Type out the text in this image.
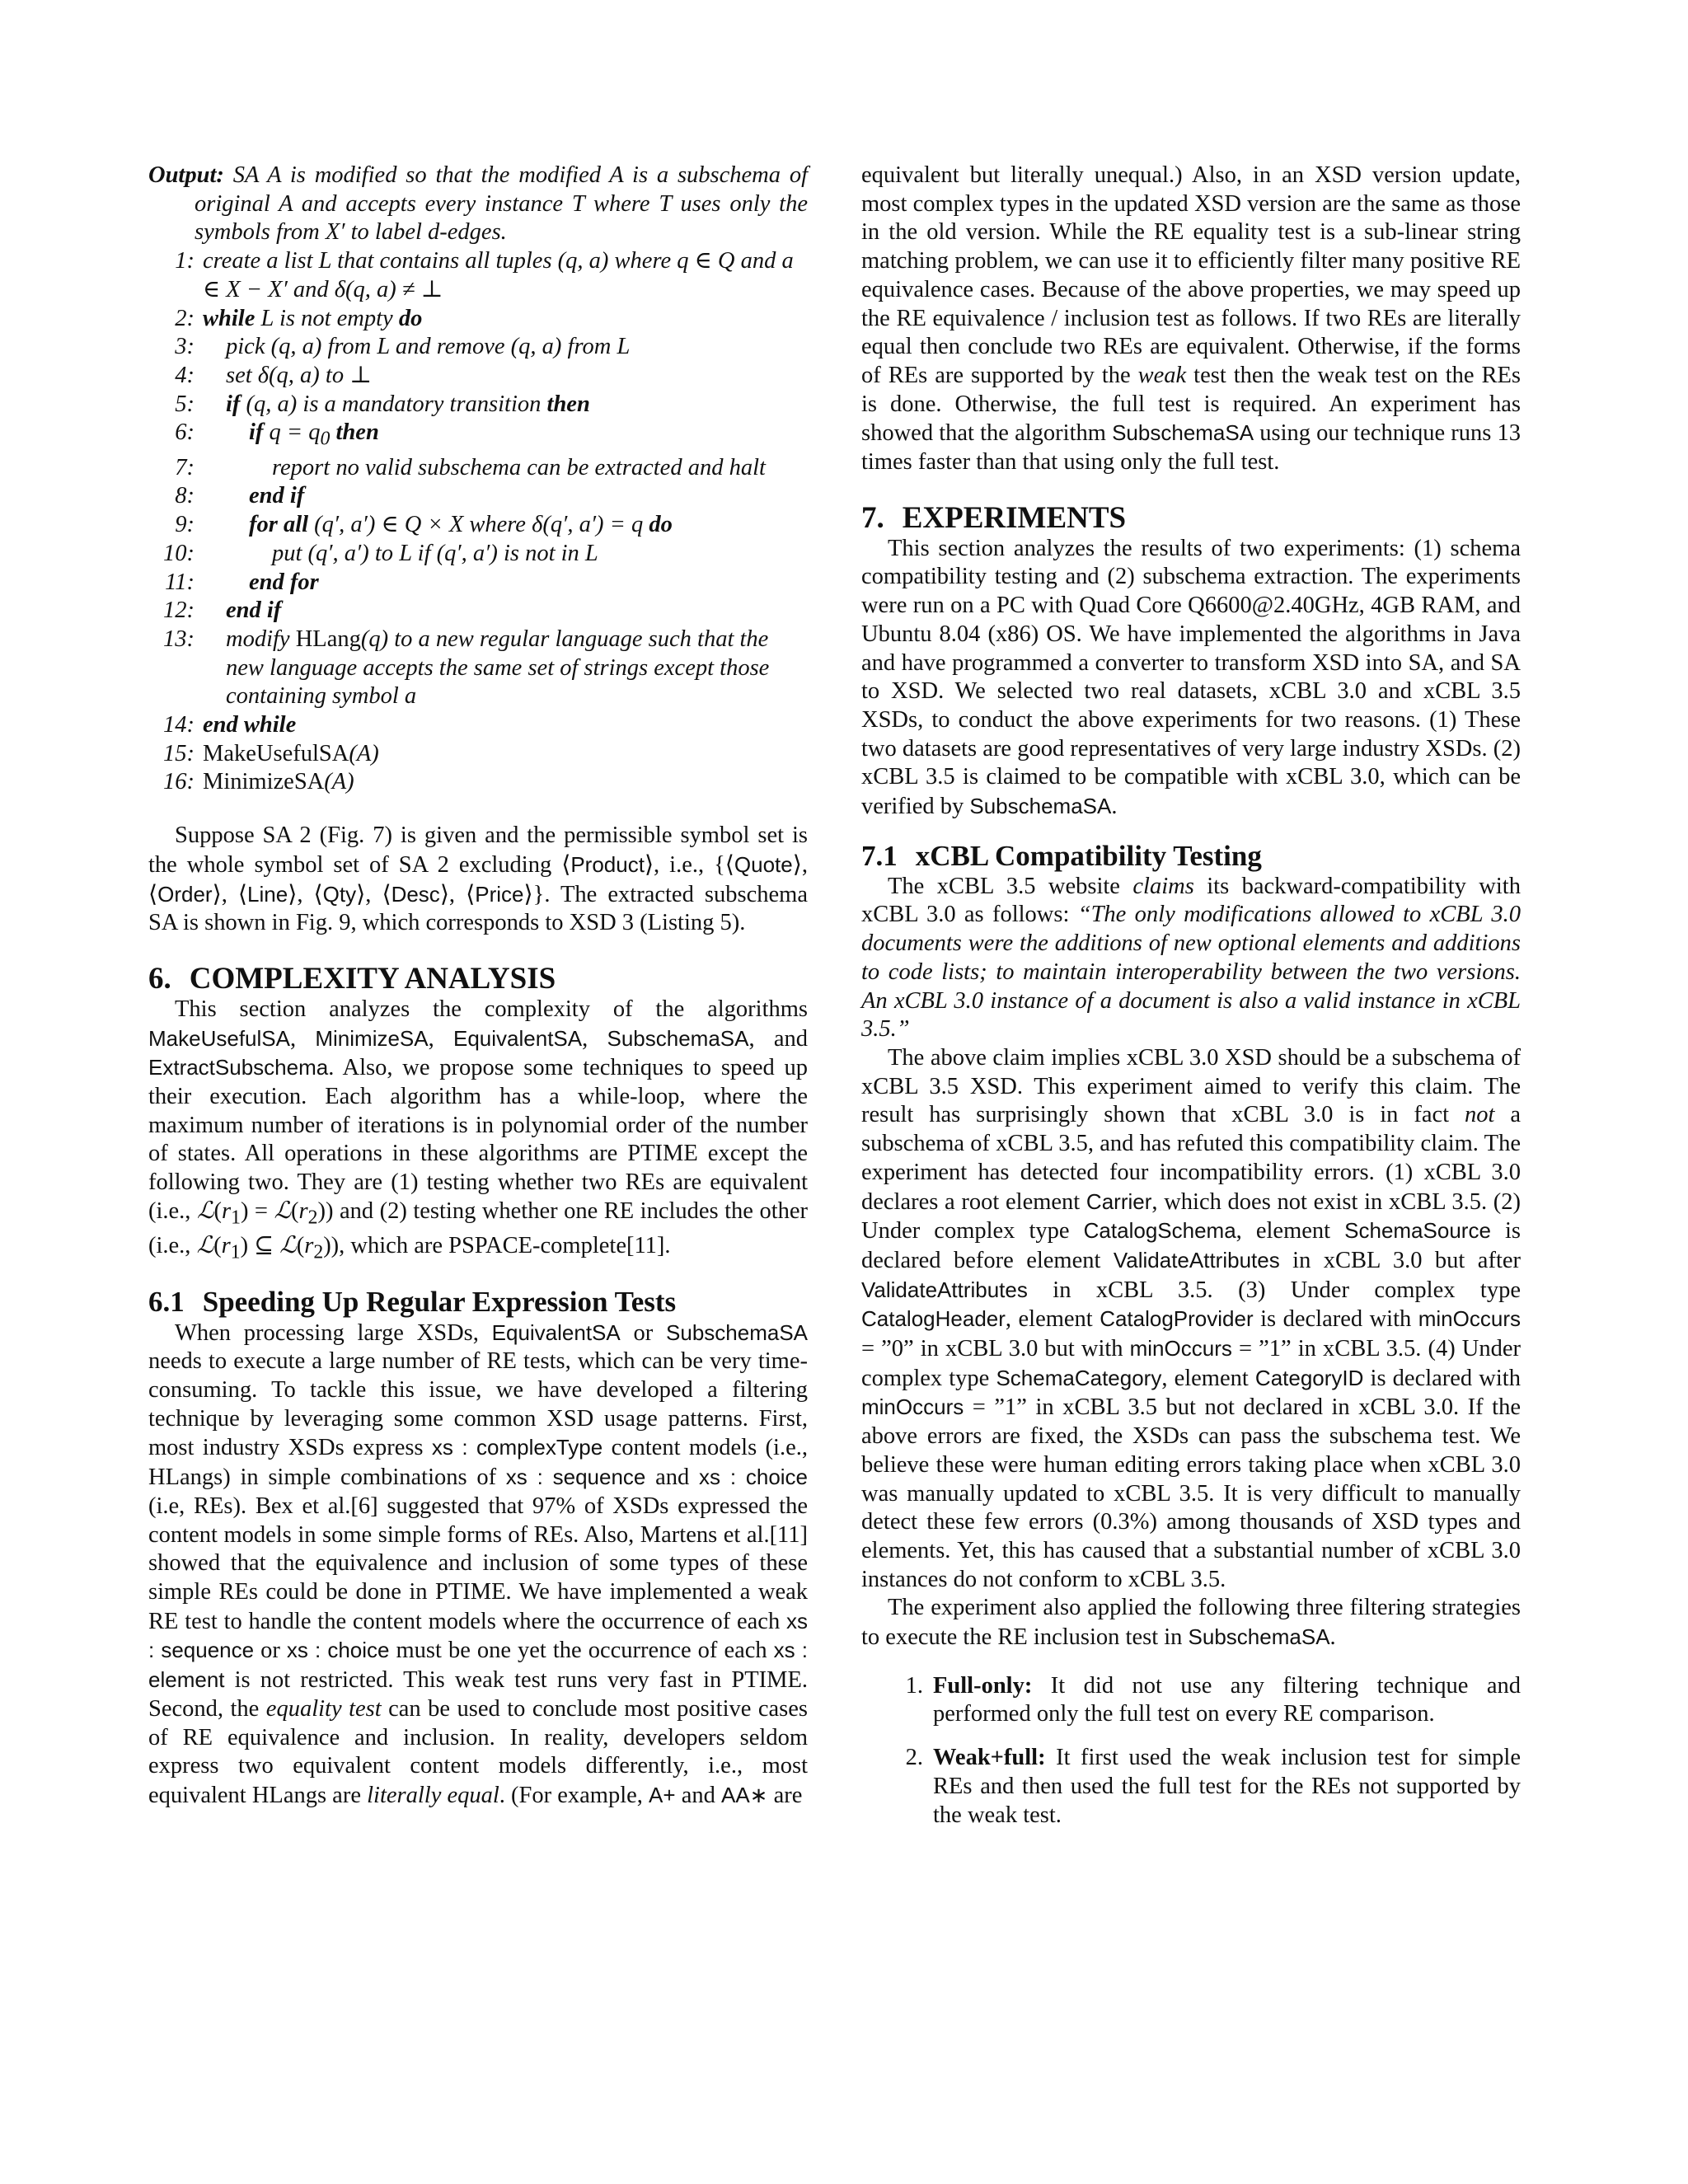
Output: SA A is modified so that the modified A is a subschema of original A and accepts every instance T where T uses only the symbols from X′ to label d-edges.

1: create a list L that contains all tuples (q, a) where q ∈ Q and a ∈ X − X′ and δ(q, a) ≠ ⊥
2: while L is not empty do
3:	pick (q, a) from L and remove (q, a) from L
4:	set δ(q, a) to ⊥
5:	if (q, a) is a mandatory transition then
6:	if $q = q_0$ then
7:	report no valid subschema can be extracted and halt
8:	end if
9:	for all (q′, a′) ∈ Q × X where δ(q′, a′) = q do
10:	put (q′, a′) to L if (q′, a′) is not in L
11:	end for
12:	end if
13:	modify HLang(q) to a new regular language such that the new language accepts the same set of strings except those containing symbol a
14: end while
15: MakeUsefulSA(A)
16: MinimizeSA(A)

Suppose SA 2 (Fig. 7) is given and the permissible symbol set is the whole symbol set of SA 2 excluding ⟨Product⟩, i.e., {⟨Quote⟩, ⟨Order⟩, ⟨Line⟩, ⟨Qty⟩, ⟨Desc⟩, ⟨Price⟩}. The extracted subschema SA is shown in Fig. 9, which corresponds to XSD 3 (Listing 5).

6. COMPLEXITY ANALYSIS

This section analyzes the complexity of the algorithms MakeUsefulSA, MinimizeSA, EquivalentSA, SubschemaSA, and ExtractSubschema. Also, we propose some techniques to speed up their execution. Each algorithm has a while-loop, where the maximum number of iterations is in polynomial order of the number of states. All operations in these algorithms are PTIME except the following two. They are (1) testing whether two REs are equivalent (i.e., $ℒ(r_1)$ = $ℒ(r_2)$) and (2) testing whether one RE includes the other (i.e., $ℒ(r_1)$ ⊆ $ℒ(r_2)$), which are PSPACE-complete[11].

6.1 Speeding Up Regular Expression Tests

When processing large XSDs, EquivalentSA or SubschemaSA needs to execute a large number of RE tests, which can be very time-consuming. To tackle this issue, we have developed a filtering technique by leveraging some common XSD usage patterns. First, most industry XSDs express xs : complexType content models (i.e., HLangs) in simple combinations of xs : sequence and xs : choice (i.e, REs). Bex et al.[6] suggested that 97% of XSDs expressed the content models in some simple forms of REs. Also, Martens et al.[11] showed that the equivalence and inclusion of some types of these simple REs could be done in PTIME. We have implemented a weak RE test to handle the content models where the occurrence of each xs : sequence or xs : choice must be one yet the occurrence of each xs : element is not restricted. This weak test runs very fast in PTIME. Second, the equality test can be used to conclude most positive cases of RE equivalence and inclusion. In reality, developers seldom express two equivalent content models differently, i.e., most equivalent HLangs are literally equal. (For example, A+ and AA∗ are

equivalent but literally unequal.) Also, in an XSD version update, most complex types in the updated XSD version are the same as those in the old version. While the RE equality test is a sub-linear string matching problem, we can use it to efficiently filter many positive RE equivalence cases. Because of the above properties, we may speed up the RE equivalence / inclusion test as follows. If two REs are literally equal then conclude two REs are equivalent. Otherwise, if the forms of REs are supported by the weak test then the weak test on the REs is done. Otherwise, the full test is required. An experiment has showed that the algorithm SubschemaSA using our technique runs 13 times faster than that using only the full test.

7. EXPERIMENTS

This section analyzes the results of two experiments: (1) schema compatibility testing and (2) subschema extraction. The experiments were run on a PC with Quad Core Q6600@2.40GHz, 4GB RAM, and Ubuntu 8.04 (x86) OS. We have implemented the algorithms in Java and have programmed a converter to transform XSD into SA, and SA to XSD. We selected two real datasets, xCBL 3.0 and xCBL 3.5 XSDs, to conduct the above experiments for two reasons. (1) These two datasets are good representatives of very large industry XSDs. (2) xCBL 3.5 is claimed to be compatible with xCBL 3.0, which can be verified by SubschemaSA.

7.1 xCBL Compatibility Testing

The xCBL 3.5 website claims its backward-compatibility with xCBL 3.0 as follows: “The only modifications allowed to xCBL 3.0 documents were the additions of new optional elements and additions to code lists; to maintain interoperability between the two versions. An xCBL 3.0 instance of a document is also a valid instance in xCBL 3.5.”

The above claim implies xCBL 3.0 XSD should be a subschema of xCBL 3.5 XSD. This experiment aimed to verify this claim. The result has surprisingly shown that xCBL 3.0 is in fact not a subschema of xCBL 3.5, and has refuted this compatibility claim. The experiment has detected four incompatibility errors. (1) xCBL 3.0 declares a root element Carrier, which does not exist in xCBL 3.5. (2) Under complex type CatalogSchema, element SchemaSource is declared before element ValidateAttributes in xCBL 3.0 but after ValidateAttributes in xCBL 3.5. (3) Under complex type CatalogHeader, element CatalogProvider is declared with minOccurs = ”0” in xCBL 3.0 but with minOccurs = ”1” in xCBL 3.5. (4) Under complex type SchemaCategory, element CategoryID is declared with minOccurs = ”1” in xCBL 3.5 but not declared in xCBL 3.0. If the above errors are fixed, the XSDs can pass the subschema test. We believe these were human editing errors taking place when xCBL 3.0 was manually updated to xCBL 3.5. It is very difficult to manually detect these few errors (0.3%) among thousands of XSD types and elements. Yet, this has caused that a substantial number of xCBL 3.0 instances do not conform to xCBL 3.5.

The experiment also applied the following three filtering strategies to execute the RE inclusion test in SubschemaSA.

1. Full-only: It did not use any filtering technique and performed only the full test on every RE comparison.
2. Weak+full: It first used the weak inclusion test for simple REs and then used the full test for the REs not supported by the weak test.
